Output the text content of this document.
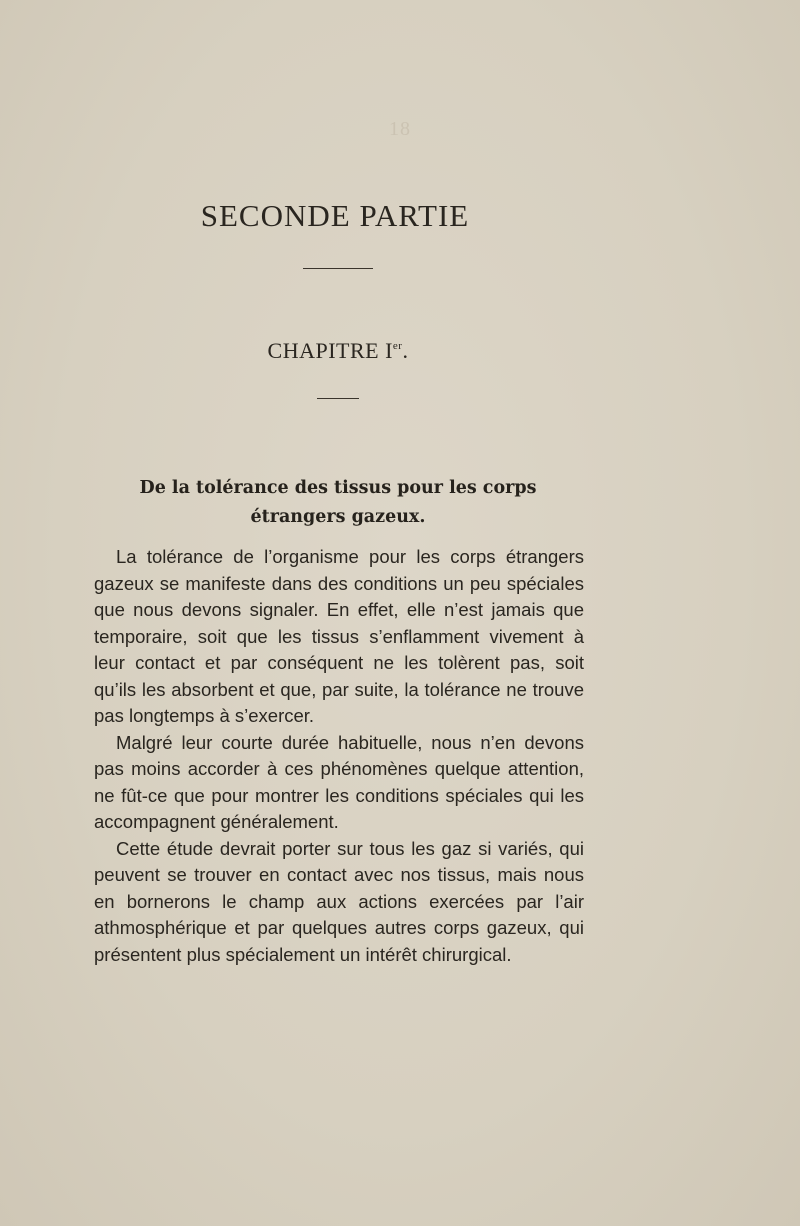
18
SECONDE PARTIE
CHAPITRE Ier.
De la tolérance des tissus pour les corps étrangers gazeux.

La tolérance de l’organisme pour les corps étrangers gazeux se manifeste dans des conditions un peu spéciales que nous devons signaler. En effet, elle n’est jamais que temporaire, soit que les tissus s’enflamment vivement à leur contact et par conséquent ne les tolèrent pas, soit qu’ils les absorbent et que, par suite, la tolérance ne trouve pas longtemps à s’exercer.

Malgré leur courte durée habituelle, nous n’en devons pas moins accorder à ces phénomènes quelque attention, ne fût-ce que pour montrer les conditions spéciales qui les accompagnent généralement.

Cette étude devrait porter sur tous les gaz si variés, qui peuvent se trouver en contact avec nos tissus, mais nous en bornerons le champ aux actions exercées par l’air athmosphérique et par quelques autres corps gazeux, qui présentent plus spécialement un intérêt chirurgical.
